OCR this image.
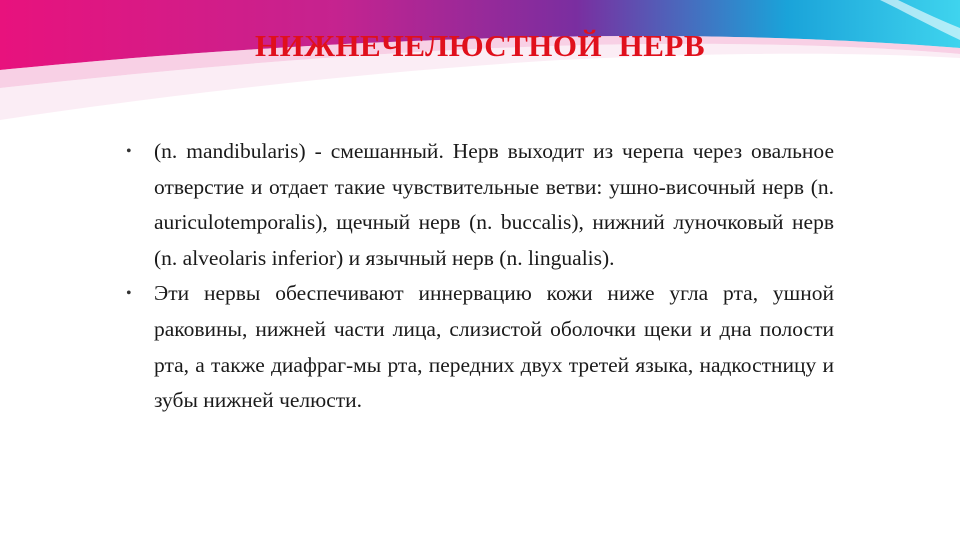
НИЖНЕЧЕЛЮСТНОЙ  НЕРВ
• (n. mandibularis) - смешанный. Нерв выходит из черепа через овальное отверстие и отдает такие чувствительные ветви: ушно-височный нерв (n. auriculotemporalis), щечный нерв (n. buccalis), нижний луночковый нерв (n. alveolaris inferior) и язычный нерв (n. lingualis).
• Эти нервы обеспечивают иннервацию кожи ниже угла рта, ушной раковины, нижней части лица, слизистой оболочки щеки и дна полости рта, а также диафраг-мы рта, передних двух третей языка, надкостницу и зубы нижней челюсти.
